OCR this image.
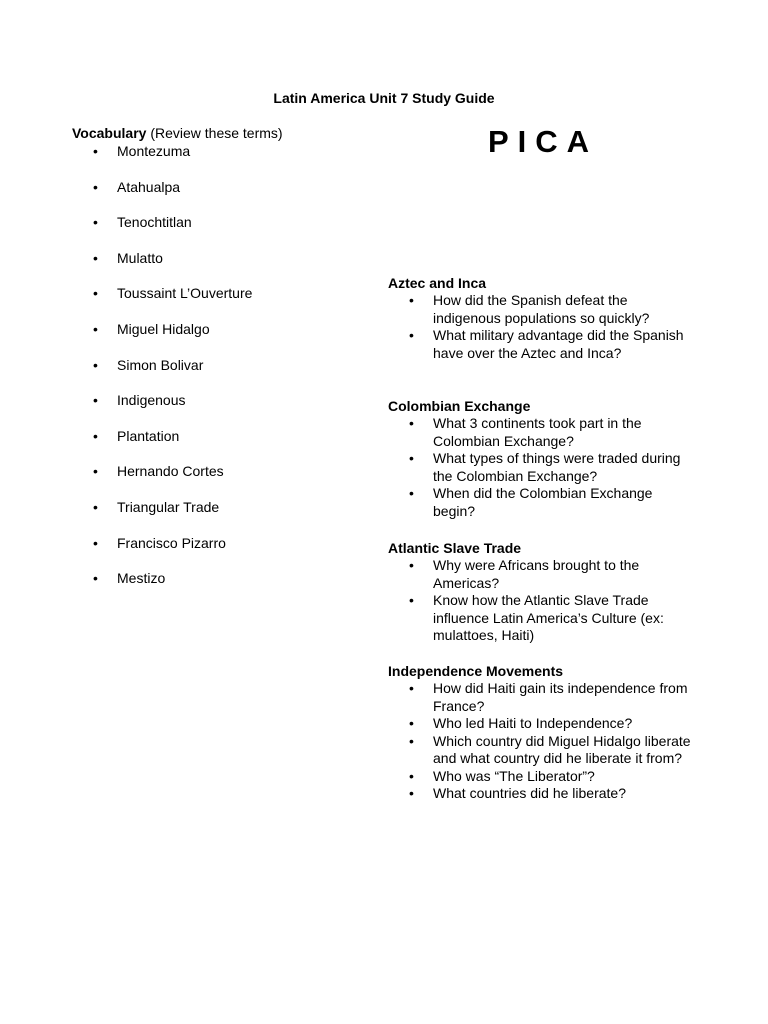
Latin America Unit 7 Study Guide
Vocabulary (Review these terms)
• Montezuma
• Atahualpa
• Tenochtitlan
• Mulatto
• Toussaint L’Ouverture
• Miguel Hidalgo
• Simon Bolivar
• Indigenous
• Plantation
• Hernando Cortes
• Triangular Trade
• Francisco Pizarro
• Mestizo
PICA
Aztec and Inca
• How did the Spanish defeat the indigenous populations so quickly?
• What military advantage did the Spanish have over the Aztec and Inca?
Colombian Exchange
• What 3 continents took part in the Colombian Exchange?
• What types of things were traded during the Colombian Exchange?
• When did the Colombian Exchange begin?
Atlantic Slave Trade
• Why were Africans brought to the Americas?
• Know how the Atlantic Slave Trade influence Latin America’s Culture (ex: mulattoes, Haiti)
Independence Movements
• How did Haiti gain its independence from France?
• Who led Haiti to Independence?
• Which country did Miguel Hidalgo liberate and what country did he liberate it from?
• Who was “The Liberator”?
• What countries did he liberate?
